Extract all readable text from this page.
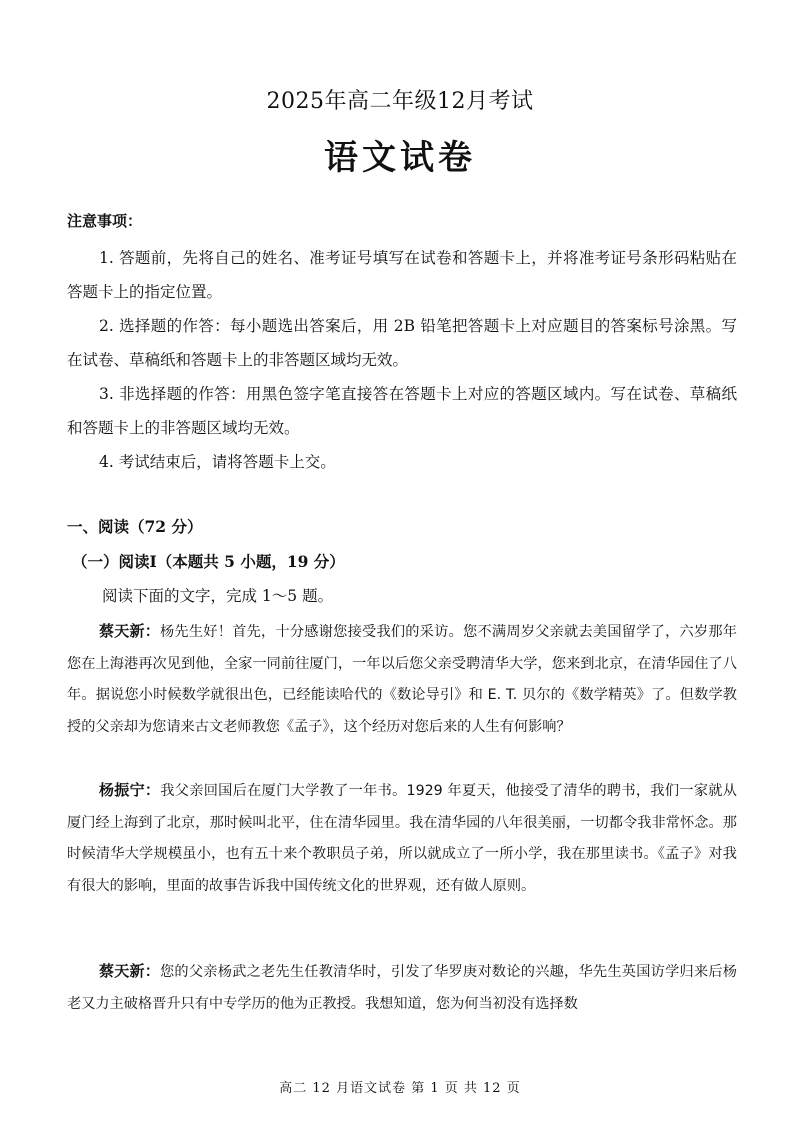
2025年高二年级12月考试
语文试卷
注意事项：

1. 答题前，先将自己的姓名、准考证号填写在试卷和答题卡上，并将准考证号条形码粘贴在答题卡上的指定位置。

2. 选择题的作答：每小题选出答案后，用 2B 铅笔把答题卡上对应题目的答案标号涂黑。写在试卷、草稿纸和答题卡上的非答题区域均无效。

3. 非选择题的作答：用黑色签字笔直接答在答题卡上对应的答题区域内。写在试卷、草稿纸和答题卡上的非答题区域均无效。

4. 考试结束后，请将答题卡上交。

一、阅读（72 分）
（一）阅读Ⅰ（本题共 5 小题，19 分）
阅读下面的文字，完成 1～5 题。

蔡天新：杨先生好！首先，十分感谢您接受我们的采访。您不满周岁父亲就去美国留学了，六岁那年您在上海港再次见到他，全家一同前往厦门，一年以后您父亲受聘清华大学，您来到北京，在清华园住了八年。据说您小时候数学就很出色，已经能读哈代的《数论导引》和 E. T. 贝尔的《数学精英》了。但数学教授的父亲却为您请来古文老师教您《孟子》，这个经历对您后来的人生有何影响？

杨振宁：我父亲回国后在厦门大学教了一年书。1929 年夏天，他接受了清华的聘书，我们一家就从厦门经上海到了北京，那时候叫北平，住在清华园里。我在清华园的八年很美丽，一切都令我非常怀念。那时候清华大学规模虽小，也有五十来个教职员子弟，所以就成立了一所小学，我在那里读书。《孟子》对我有很大的影响，里面的故事告诉我中国传统文化的世界观，还有做人原则。

蔡天新：您的父亲杨武之老先生任教清华时，引发了华罗庚对数论的兴趣，华先生英国访学归来后杨老又力主破格晋升只有中专学历的他为正教授。我想知道，您为何当初没有选择数

高二 12 月语文试卷 第 1 页 共 12 页
